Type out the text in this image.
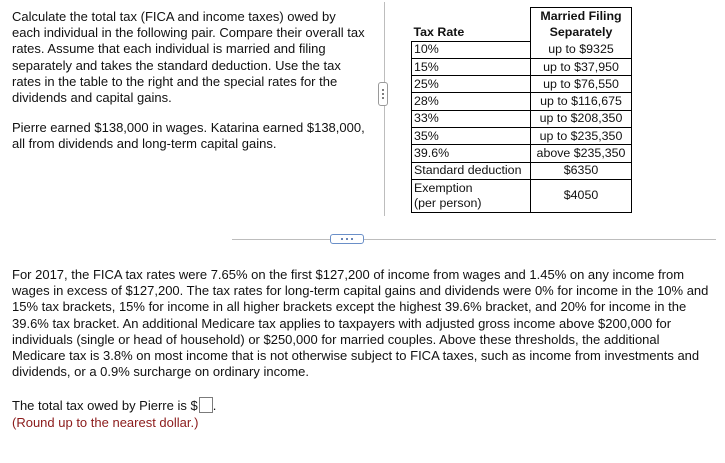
Calculate the total tax (FICA and income taxes) owed by each individual in the following pair. Compare their overall tax rates. Assume that each individual is married and filing separately and takes the standard deduction. Use the tax rates in the table to the right and the special rates for the dividends and capital gains.

Pierre earned $138,000 in wages. Katarina earned $138,000, all from dividends and long-term capital gains.

	Married Filing
Tax Rate	Separately
10%	up to $9325
15%	up to $37,950
25%	up to $76,550
28%	up to $116,675
33%	up to $208,350
35%	up to $235,350
39.6%	above $235,350
Standard deduction	$6350
Exemption
(per person)	$4050

For 2017, the FICA tax rates were 7.65% on the first $127,200 of income from wages and 1.45% on any income from wages in excess of $127,200. The tax rates for long-term capital gains and dividends were 0% for income in the 10% and 15% tax brackets, 15% for income in all higher brackets except the highest 39.6% bracket, and 20% for income in the 39.6% tax bracket. An additional Medicare tax applies to taxpayers with adjusted gross income above $200,000 for individuals (single or head of household) or $250,000 for married couples. Above these thresholds, the additional Medicare tax is 3.8% on most income that is not otherwise subject to FICA taxes, such as income from investments and dividends, or a 0.9% surcharge on ordinary income.

The total tax owed by Pierre is $ .
(Round up to the nearest dollar.)
